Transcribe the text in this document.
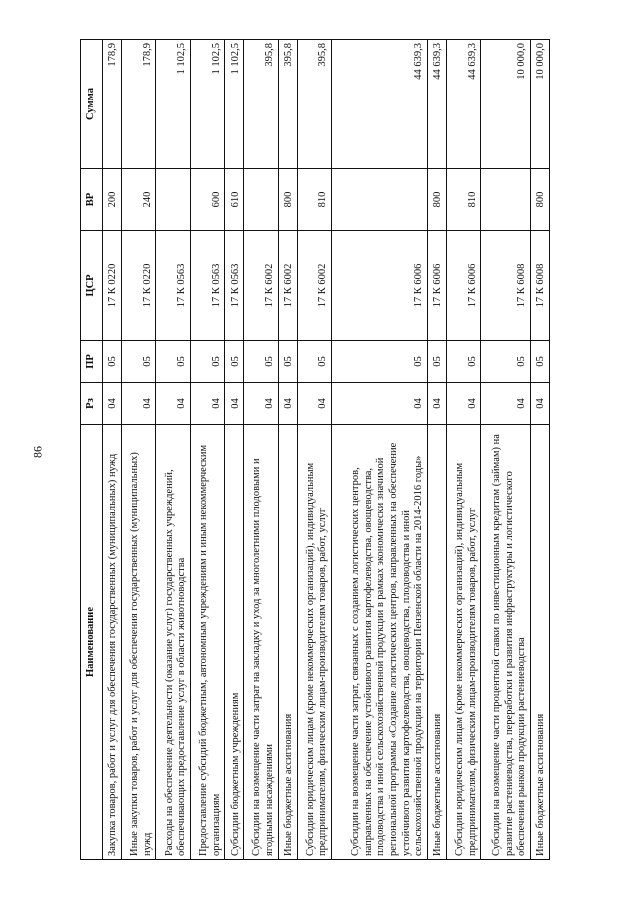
86
Наименование	Рз	ПР	ЦСР	ВР	Сумма
Закупка товаров, работ и услуг для обеспечения государственных (муниципальных) нужд	04	05	17 К 0220	200	178,9
Иные закупки товаров, работ и услуг для обеспечения государственных (муниципальных) нужд	04	05	17 К 0220	240	178,9
Расходы на обеспечение деятельности (оказание услуг) государственных учреждений, обеспечивающих предоставление услуг в области животноводства	04	05	17 К 0563		1 102,5
Предоставление субсидий бюджетным, автономным учреждениям и иным некоммерческим организациям	04	05	17 К 0563	600	1 102,5
Субсидии бюджетным учреждениям	04	05	17 К 0563	610	1 102,5
Субсидии на возмещение части затрат на закладку и уход за многолетними плодовыми и ягодными насаждениями	04	05	17 К 6002		395,8
Иные бюджетные ассигнования	04	05	17 К 6002	800	395,8
Субсидии юридическим лицам (кроме некоммерческих организаций), индивидуальным предпринимателям, физическим лицам-производителям товаров, работ, услуг	04	05	17 К 6002	810	395,8
Субсидии на возмещение части затрат, связанных с созданием логистических центров, направленных на обеспечение устойчивого развития картофелеводства, овощеводства, плодоводства и иной сельскохозяйственной продукции в рамках экономически значимой региональной программы «Создание логистических центров, направленных на обеспечение устойчивого развития картофелеводства, овощеводства, плодоводства и иной сельскохозяйственной продукции на территории Пензенской области на 2014-2016 годы»	04	05	17 К 6006		44 639,3
Иные бюджетные ассигнования	04	05	17 К 6006	800	44 639,3
Субсидии юридическим лицам (кроме некоммерческих организаций), индивидуальным предпринимателям, физическим лицам-производителям товаров, работ, услуг	04	05	17 К 6006	810	44 639,3
Субсидии на возмещение части процентной ставки по инвестиционным кредитам (займам) на развитие растениеводства, переработки и развития инфраструктуры и логистического обеспечения рынков продукции растениеводства	04	05	17 К 6008		10 000,0
Иные бюджетные ассигнования	04	05	17 К 6008	800	10 000,0
